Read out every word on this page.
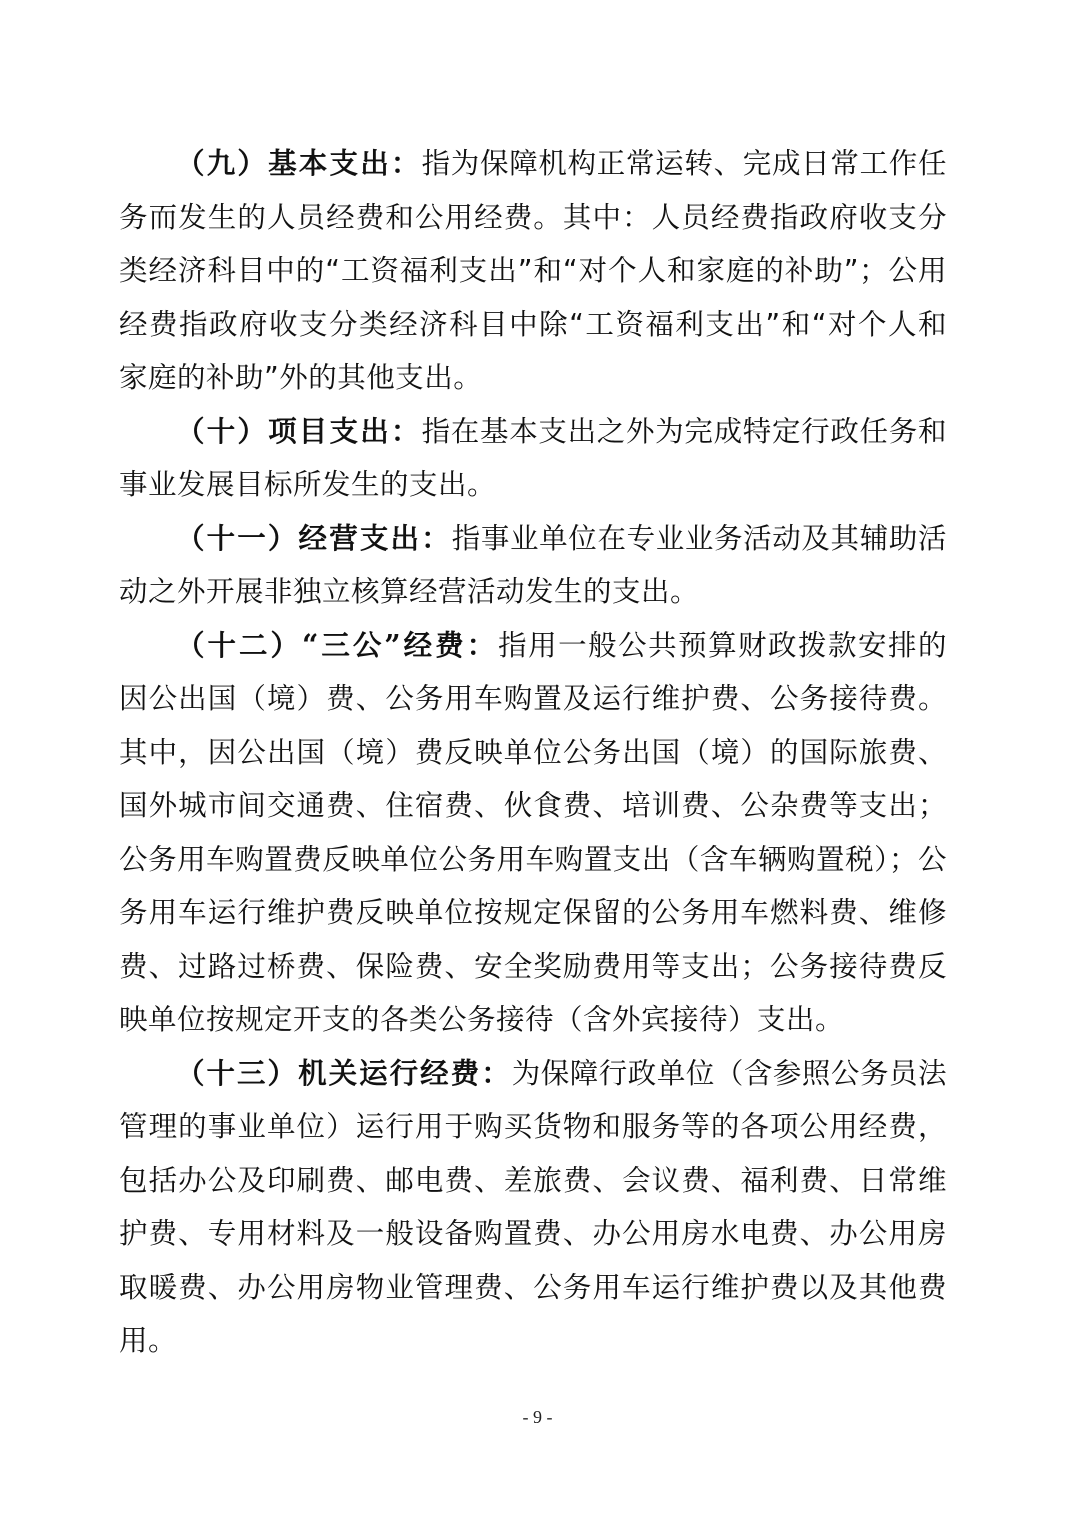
（九）基本支出：指为保障机构正常运转、完成日常工作任务而发生的人员经费和公用经费。其中：人员经费指政府收支分类经济科目中的“工资福利支出”和“对个人和家庭的补助”；公用经费指政府收支分类经济科目中除“工资福利支出”和“对个人和家庭的补助”外的其他支出。

（十）项目支出：指在基本支出之外为完成特定行政任务和事业发展目标所发生的支出。

（十一）经营支出：指事业单位在专业业务活动及其辅助活动之外开展非独立核算经营活动发生的支出。

（十二）“三公”经费：指用一般公共预算财政拨款安排的因公出国（境）费、公务用车购置及运行维护费、公务接待费。其中，因公出国（境）费反映单位公务出国（境）的国际旅费、国外城市间交通费、住宿费、伙食费、培训费、公杂费等支出；公务用车购置费反映单位公务用车购置支出（含车辆购置税）；公务用车运行维护费反映单位按规定保留的公务用车燃料费、维修费、过路过桥费、保险费、安全奖励费用等支出；公务接待费反映单位按规定开支的各类公务接待（含外宾接待）支出。

（十三）机关运行经费：为保障行政单位（含参照公务员法管理的事业单位）运行用于购买货物和服务等的各项公用经费，包括办公及印刷费、邮电费、差旅费、会议费、福利费、日常维护费、专用材料及一般设备购置费、办公用房水电费、办公用房取暖费、办公用房物业管理费、公务用车运行维护费以及其他费用。

- 9 -
